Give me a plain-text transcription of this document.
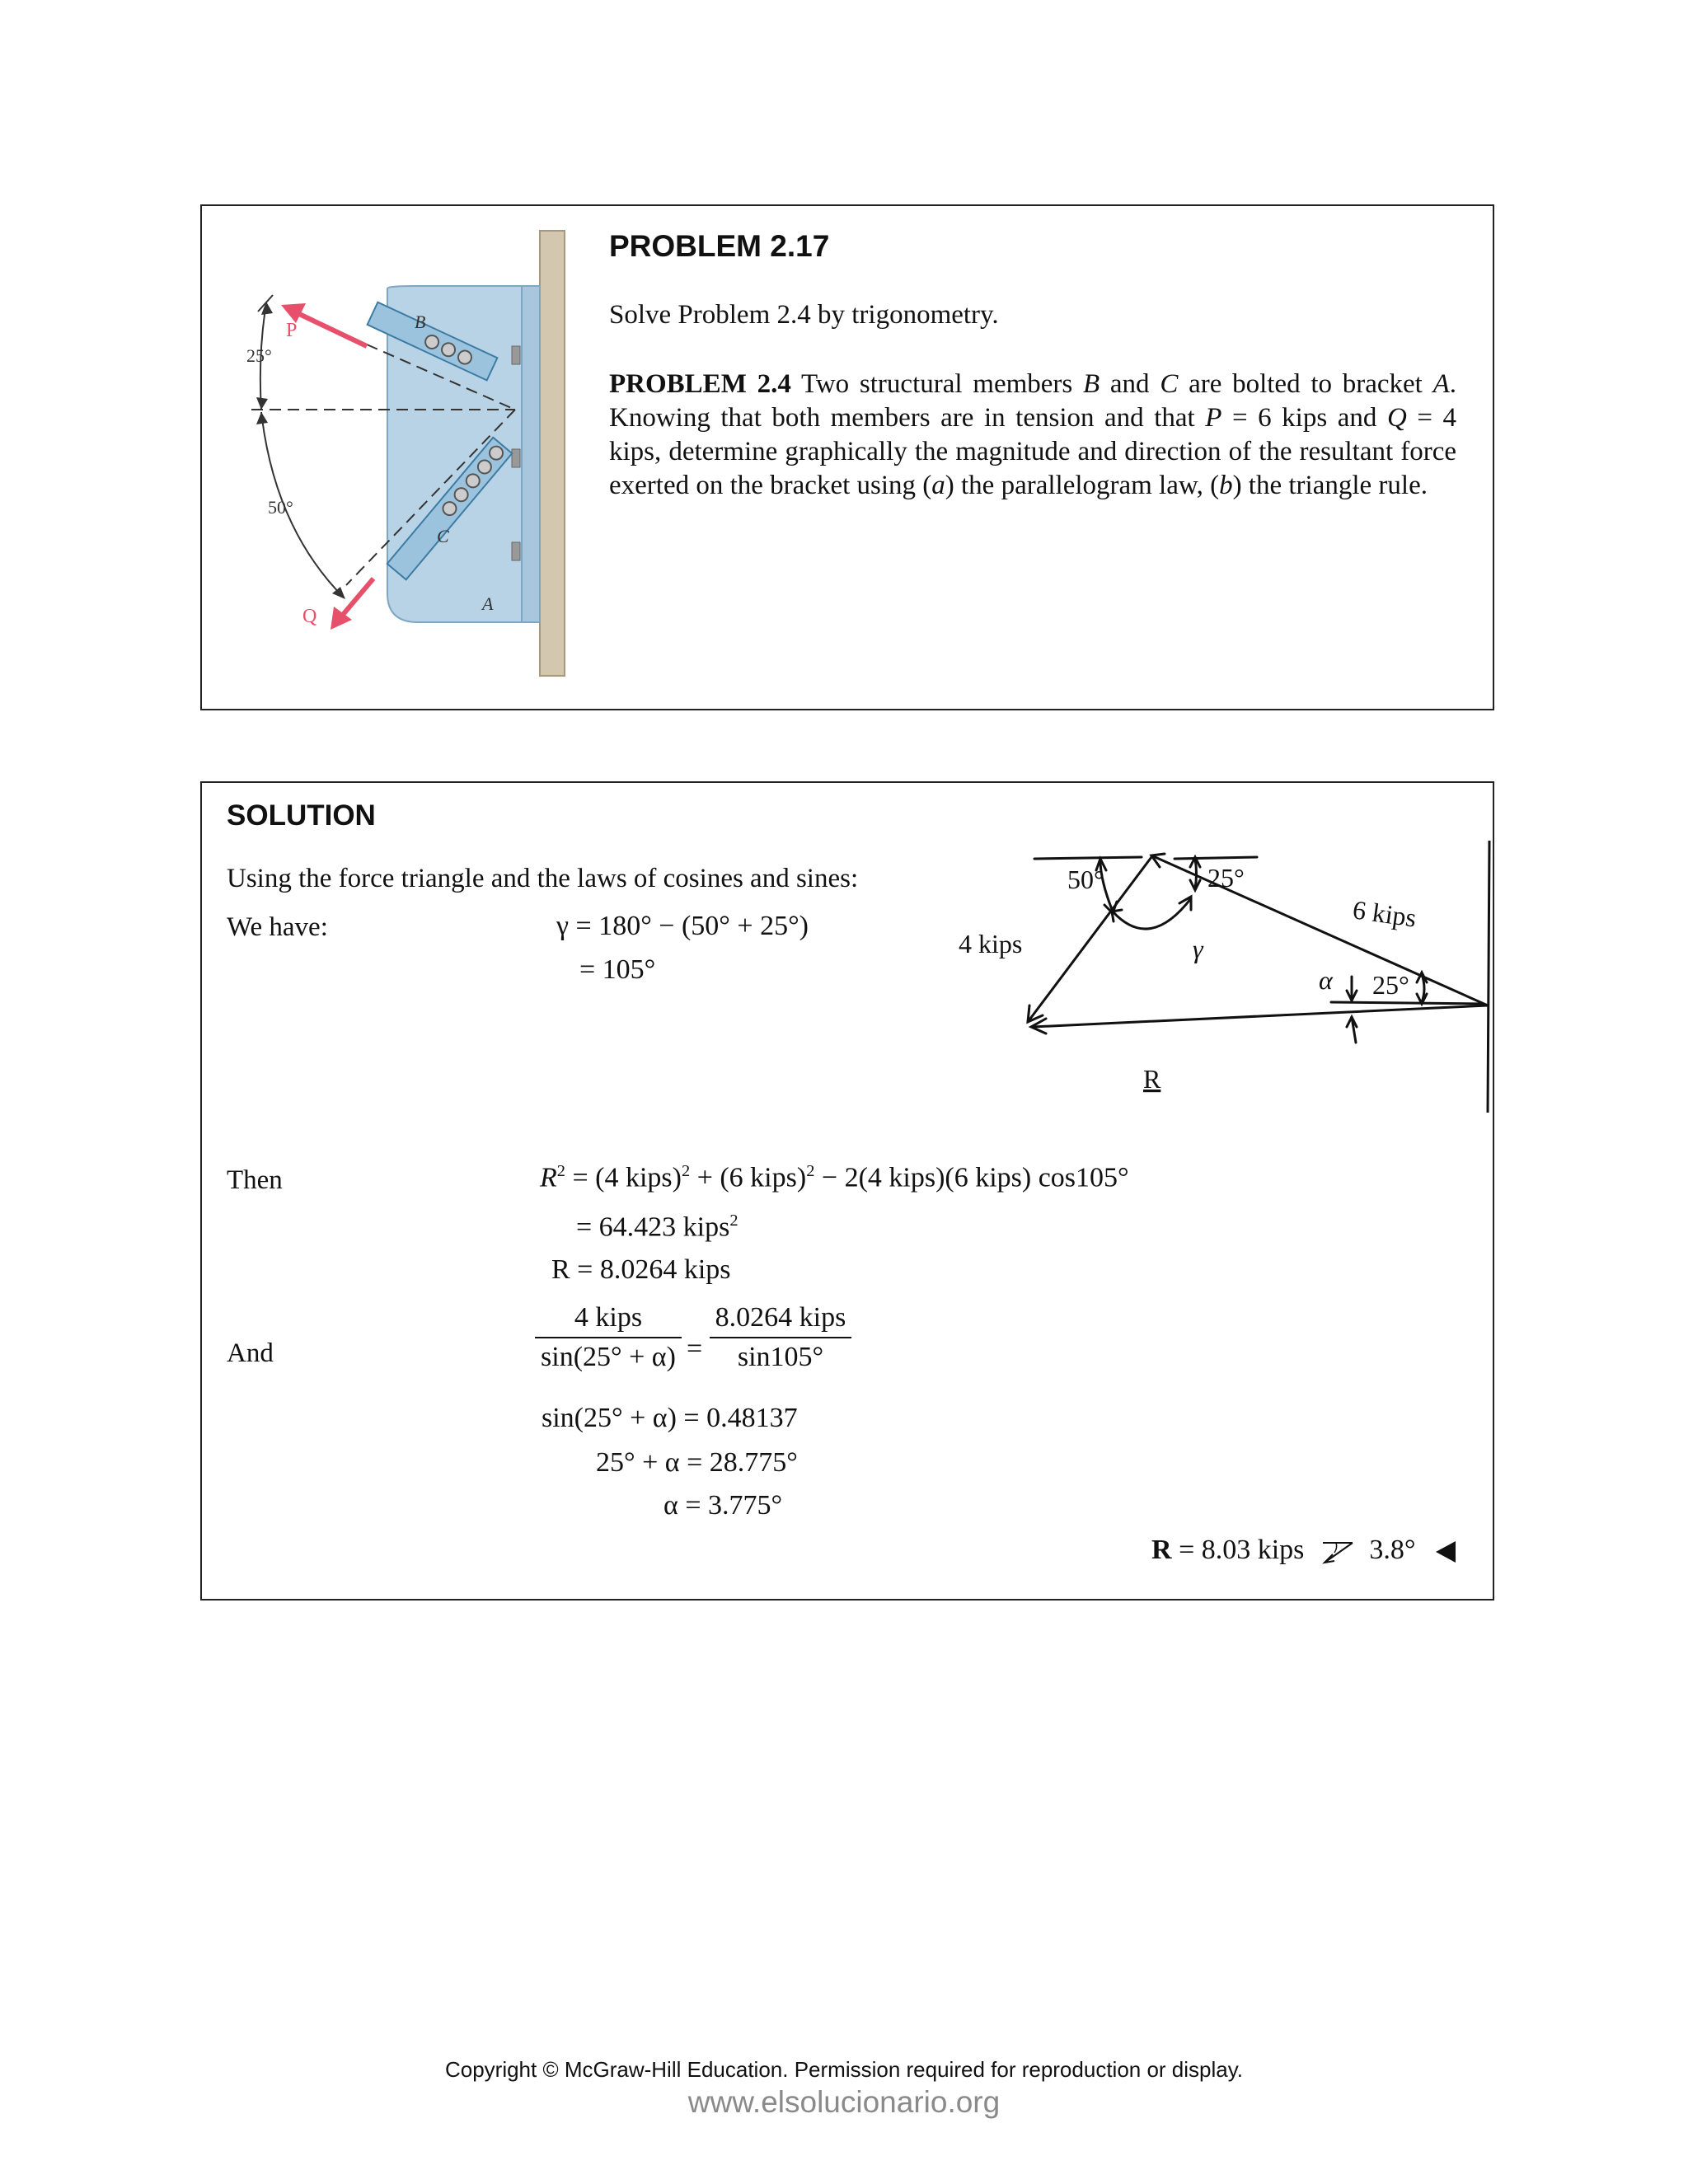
P
Q
B
C
A
25°
50°
PROBLEM 2.17
Solve Problem 2.4 by trigonometry.
PROBLEM 2.4 Two structural members B and C are bolted to bracket A. Knowing that both members are in tension and that P = 6 kips and Q = 4 kips, determine graphically the magnitude and direction of the resultant force exerted on the bracket using (a) the parallelogram law, (b) the triangle rule.
SOLUTION
Using the force triangle and the laws of cosines and sines:
We have:	γ = 180° − (50° + 25°)
= 105°
50°	25°
6 kips
4 kips	γ
α 25°
R
Then	$R^2 = (4$ kips)$^2$ + (6 kips)$^2$ − 2(4 kips)(6 kips) cos105°
= 64.423 kips$^2$
R = 8.0264 kips
And
4 kips
sin(25° + α) =
8.0264 kips
sin105°
sin(25° + α) = 0.48137
25° + α = 28.775°
α = 3.775°
R = 8.03 kips 3.8°
Copyright © McGraw-Hill Education. Permission required for reproduction or display.
www.elsolucionario.org
